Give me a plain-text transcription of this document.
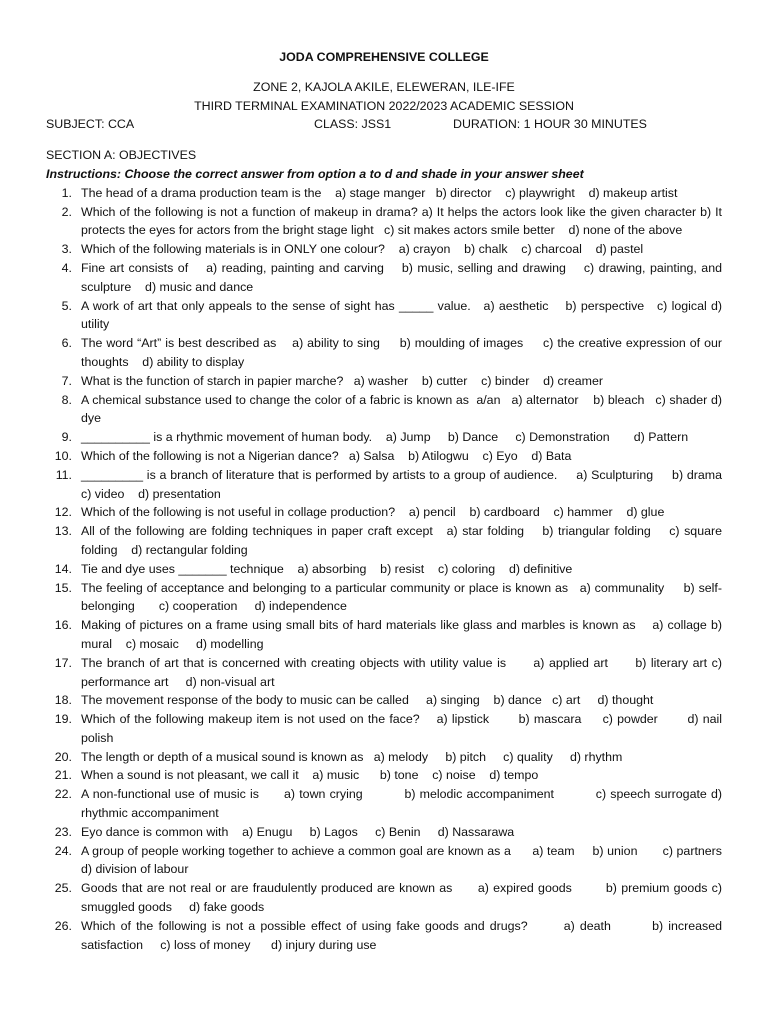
JODA COMPREHENSIVE COLLEGE
ZONE 2, KAJOLA AKILE, ELEWERAN, ILE-IFE
THIRD TERMINAL EXAMINATION 2022/2023 ACADEMIC SESSION
SUBJECT: CCA	CLASS: JSS1	DURATION: 1 HOUR 30 MINUTES
SECTION A: OBJECTIVES
Instructions: Choose the correct answer from option a to d and shade in your answer sheet
1. The head of a drama production team is the    a) stage manger   b) director    c) playwright    d) makeup artist
2. Which of the following is not a function of makeup in drama? a) It helps the actors look like the given character b) It protects the eyes for actors from the bright stage light   c) sit makes actors smile better    d) none of the above
3. Which of the following materials is in ONLY one colour?    a) crayon    b) chalk    c) charcoal    d) pastel
4. Fine art consists of    a) reading, painting and carving    b) music, selling and drawing    c) drawing, painting, and sculpture    d) music and dance
5. A work of art that only appeals to the sense of sight has _____ value.   a) aesthetic    b) perspective   c) logical d) utility
6. The word “Art” is best described as    a) ability to sing     b) moulding of images     c) the creative expression of our thoughts    d) ability to display
7. What is the function of starch in papier marche?   a) washer    b) cutter    c) binder    d) creamer
8. A chemical substance used to change the color of a fabric is known as  a/an   a) alternator    b) bleach   c) shader d) dye
9. __________ is a rhythmic movement of human body.    a) Jump     b) Dance     c) Demonstration       d) Pattern
10. Which of the following is not a Nigerian dance?   a) Salsa    b) Atilogwu    c) Eyo    d) Bata
11. _________ is a branch of literature that is performed by artists to a group of audience.     a) Sculpturing     b) drama    c) video    d) presentation
12. Which of the following is not useful in collage production?    a) pencil    b) cardboard    c) hammer    d) glue
13. All of the following are folding techniques in paper craft except   a) star folding    b) triangular folding    c) square folding    d) rectangular folding
14. Tie and dye uses _______ technique    a) absorbing    b) resist    c) coloring    d) definitive
15. The feeling of acceptance and belonging to a particular community or place is known as   a) communality     b) self-belonging       c) cooperation     d) independence
16. Making of pictures on a frame using small bits of hard materials like glass and marbles is known as    a) collage b) mural    c) mosaic     d) modelling
17. The branch of art that is concerned with creating objects with utility value is      a) applied art      b) literary art c) performance art     d) non-visual art
18. The movement response of the body to music can be called     a) singing    b) dance   c) art     d) thought
19. Which of the following makeup item is not used on the face?    a) lipstick       b) mascara     c) powder       d) nail polish
20. The length or depth of a musical sound is known as   a) melody     b) pitch     c) quality     d) rhythm
21. When a sound is not pleasant, we call it    a) music      b) tone    c) noise    d) tempo
22. A non-functional use of music is      a) town crying          b) melodic accompaniment          c) speech surrogate d) rhythmic accompaniment
23. Eyo dance is common with    a) Enugu     b) Lagos     c) Benin     d) Nassarawa
24. A group of people working together to achieve a common goal are known as a      a) team     b) union       c) partners     d) division of labour
25. Goods that are not real or are fraudulently produced are known as      a) expired goods        b) premium goods c) smuggled goods     d) fake goods
26. Which of the following is not a possible effect of using fake goods and drugs?       a) death        b) increased satisfaction     c) loss of money      d) injury during use
